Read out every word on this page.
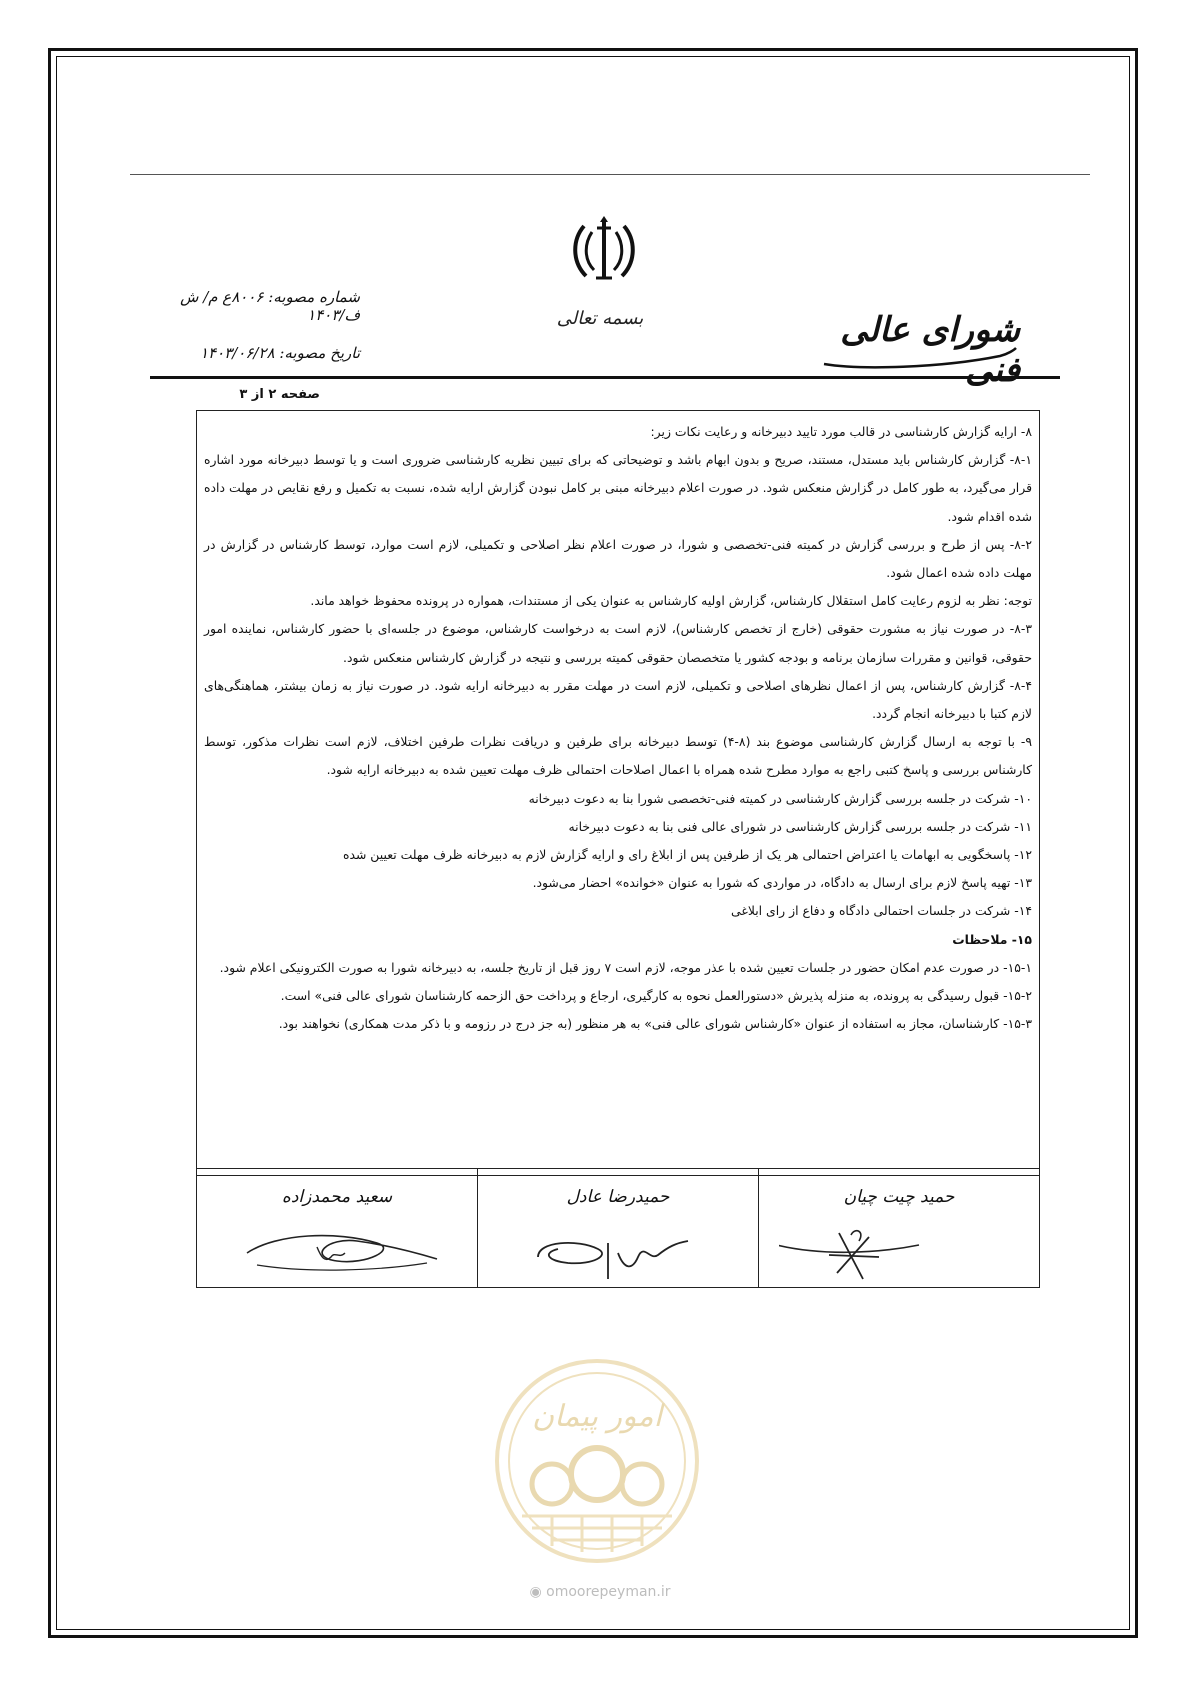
بسمه تعالی	شورای عالی فنی
شماره مصوبه: ۸۰۰۶ع م/ ش ف/۱۴۰۳
تاریخ مصوبه: ۱۴۰۳/۰۶/۲۸
صفحه ۲ از ۳

۸- ارایه گزارش کارشناسی در قالب مورد تایید دبیرخانه و رعایت نکات زیر:

۸-۱- گزارش کارشناس باید مستدل، مستند، صریح و بدون ابهام باشد و توضیحاتی که برای تبیین نظریه کارشناسی ضروری است و یا توسط دبیرخانه مورد اشاره قرار می‌گیرد، به طور کامل در گزارش منعکس شود. در صورت اعلام دبیرخانه مبنی بر کامل نبودن گزارش ارایه شده، نسبت به تکمیل و رفع نقایص در مهلت داده شده اقدام شود.

۸-۲- پس از طرح و بررسی گزارش در کمیته فنی-تخصصی و شورا، در صورت اعلام نظر اصلاحی و تکمیلی، لازم است موارد، توسط کارشناس در گزارش در مهلت داده شده اعمال شود.

توجه: نظر به لزوم رعایت کامل استقلال کارشناس، گزارش اولیه کارشناس به عنوان یکی از مستندات، همواره در پرونده محفوظ خواهد ماند.

۸-۳- در صورت نیاز به مشورت حقوقی (خارج از تخصص کارشناس)، لازم است به درخواست کارشناس، موضوع در جلسه‌ای با حضور کارشناس، نماینده امور حقوقی، قوانین و مقررات سازمان برنامه و بودجه کشور یا متخصصان حقوقی کمیته بررسی و نتیجه در گزارش کارشناس منعکس شود.

۸-۴- گزارش کارشناس، پس از اعمال نظرهای اصلاحی و تکمیلی، لازم است در مهلت مقرر به دبیرخانه ارایه شود. در صورت نیاز به زمان بیشتر، هماهنگی‌های لازم کتبا با دبیرخانه انجام گردد.

۹- با توجه به ارسال گزارش کارشناسی موضوع بند (۸-۴) توسط دبیرخانه برای طرفین و دریافت نظرات طرفین اختلاف، لازم است نظرات مذکور، توسط کارشناس بررسی و پاسخ کتبی راجع به موارد مطرح شده همراه با اعمال اصلاحات احتمالی ظرف مهلت تعیین شده به دبیرخانه ارایه شود.

۱۰- شرکت در جلسه بررسی گزارش کارشناسی در کمیته فنی-تخصصی شورا بنا به دعوت دبیرخانه

۱۱- شرکت در جلسه بررسی گزارش کارشناسی در شورای عالی فنی بنا به دعوت دبیرخانه

۱۲- پاسخگویی به ابهامات یا اعتراض احتمالی هر یک از طرفین پس از ابلاغ رای و ارایه گزارش لازم به دبیرخانه ظرف مهلت تعیین شده

۱۳- تهیه پاسخ لازم برای ارسال به دادگاه، در مواردی که شورا به عنوان «خوانده» احضار می‌شود.

۱۴- شرکت در جلسات احتمالی دادگاه و دفاع از رای ابلاغی

۱۵- ملاحظات

۱۵-۱- در صورت عدم امکان حضور در جلسات تعیین شده با عذر موجه، لازم است ۷ روز قبل از تاریخ جلسه، به دبیرخانه شورا به صورت الکترونیکی اعلام شود.

۱۵-۲- قبول رسیدگی به پرونده، به منزله پذیرش «دستورالعمل نحوه به کارگیری، ارجاع و پرداخت حق الزحمه کارشناسان شورای عالی فنی» است.

۱۵-۳- کارشناسان، مجاز به استفاده از عنوان «کارشناس شورای عالی فنی» به هر منظور (به جز درج در رزومه و با ذکر مدت همکاری) نخواهند بود.

سعید محمدزاده	حمیدرضا عادل	حمید چیت چیان
امور پیمان
◉ omoorepeyman.ir
